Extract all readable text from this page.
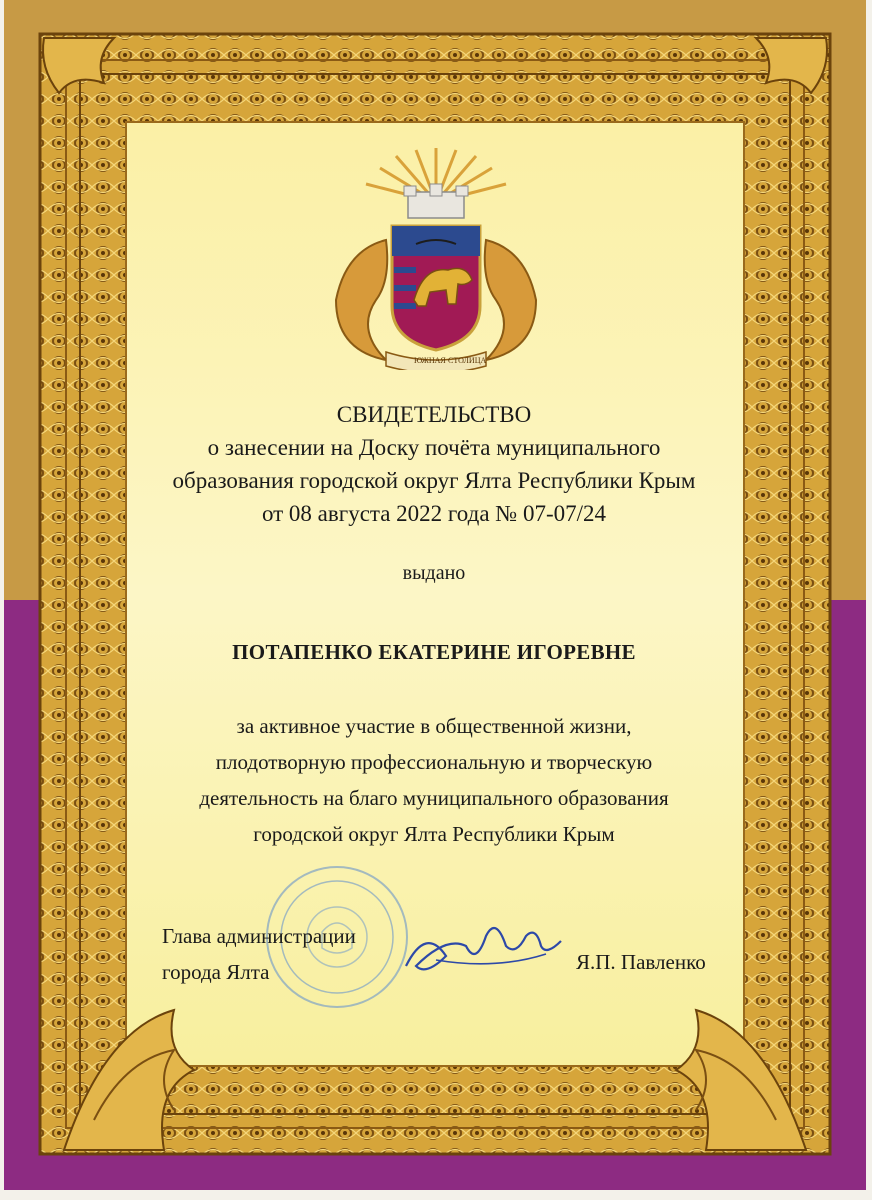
ЮЖНАЯ СТОЛИЦА
СВИДЕТЕЛЬСТВО
о занесении на Доску почёта муниципального
образования городской округ Ялта Республики Крым
от 08 августа 2022 года № 07-07/24
выдано
ПОТАПЕНКО ЕКАТЕРИНЕ ИГОРЕВНЕ
за активное участие в общественной жизни,
плодотворную профессиональную и творческую
деятельность на благо муниципального образования
городской округ Ялта Республики Крым
Глава администрации
города Ялта	Я.П. Павленко
